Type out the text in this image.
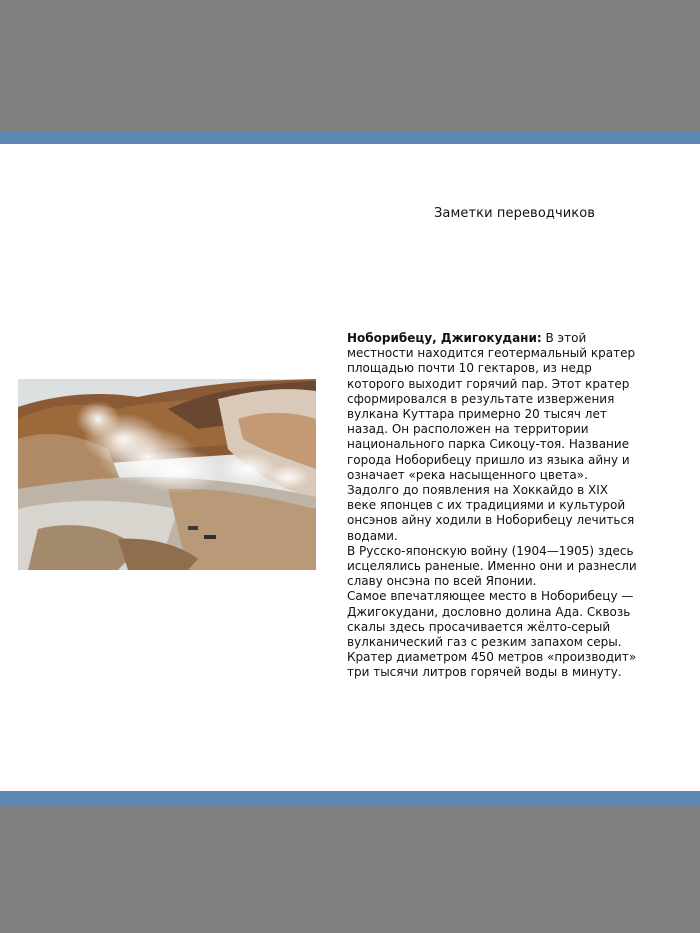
Заметки переводчиков

Ноборибецу, Джигокудани: В этой местности находится геотермальный кратер площадью почти 10 гектаров, из недр которого выходит горячий пар. Этот кратер сформировался в результате извержения вулкана Куттара примерно 20 тысяч лет назад. Он расположен на территории национального парка Сикоцу-тоя. Название города Ноборибецу пришло из языка айну и означает «река насыщенного цвета». Задолго до появления на Хоккайдо в XIX веке японцев с их традициями и культурой онсэнов айну ходили в Ноборибецу лечиться водами.

В Русско-японскую войну (1904—1905) здесь исцелялись раненые. Именно они и разнесли славу онсэна по всей Японии.

Самое впечатляющее место в Ноборибецу — Джигокудани, дословно долина Ада. Сквозь скалы здесь просачивается жёлто-серый вулканический газ с резким запахом серы. Кратер диаметром 450 метров «производит» три тысячи литров горячей воды в минуту.
